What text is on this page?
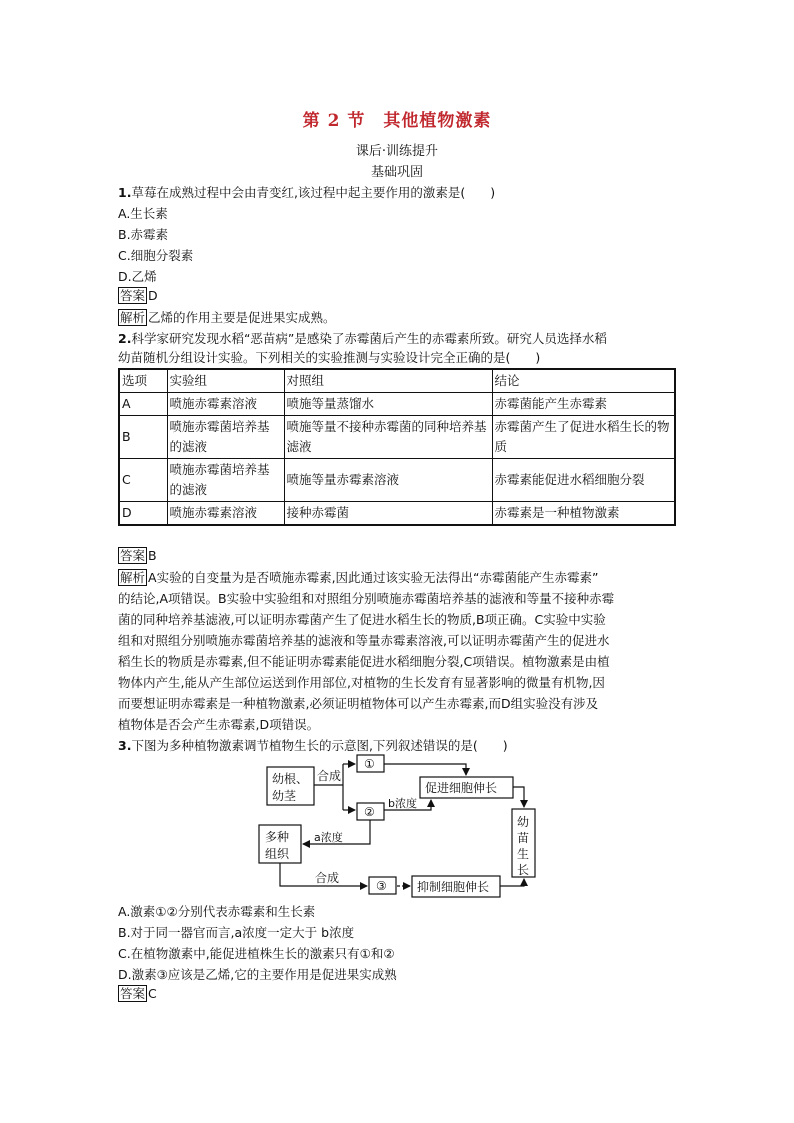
第 2 节　其他植物激素
课后·训练提升
基础巩固
1.草莓在成熟过程中会由青变红,该过程中起主要作用的激素是(　　)
A.生长素
B.赤霉素
C.细胞分裂素
D.乙烯
答案 D
解析 乙烯的作用主要是促进果实成熟。
2.科学家研究发现水稻“恶苗病”是感染了赤霉菌后产生的赤霉素所致。研究人员选择水稻
幼苗随机分组设计实验。下列相关的实验推测与实验设计完全正确的是(　　)
选项	实验组	对照组	结论
A	喷施赤霉素溶液	喷施等量蒸馏水	赤霉菌能产生赤霉素
B	喷施赤霉菌培养基的滤液	喷施等量不接种赤霉菌的同种培养基滤液	赤霉菌产生了促进水稻生长的物质
C	喷施赤霉菌培养基的滤液	喷施等量赤霉素溶液	赤霉素能促进水稻细胞分裂
D	喷施赤霉素溶液	接种赤霉菌	赤霉素是一种植物激素
答案 B
解析 A实验的自变量为是否喷施赤霉素,因此通过该实验无法得出“赤霉菌能产生赤霉素”
的结论,A项错误。B实验中实验组和对照组分别喷施赤霉菌培养基的滤液和等量不接种赤霉
菌的同种培养基滤液,可以证明赤霉菌产生了促进水稻生长的物质,B项正确。C实验中实验
组和对照组分别喷施赤霉菌培养基的滤液和等量赤霉素溶液,可以证明赤霉菌产生的促进水
稻生长的物质是赤霉素,但不能证明赤霉素能促进水稻细胞分裂,C项错误。植物激素是由植
物体内产生,能从产生部位运送到作用部位,对植物的生长发育有显著影响的微量有机物,因
而要想证明赤霉素是一种植物激素,必须证明植物体可以产生赤霉素,而D组实验没有涉及
植物体是否会产生赤霉素,D项错误。
3.下图为多种植物激素调节植物生长的示意图,下列叙述错误的是(　　)
幼根、
幼茎
合成
①
②
促进细胞伸长
b浓度
a浓度
多种
组织
合成
③	抑制细胞伸长
幼
苗
生
长
A.激素①②分别代表赤霉素和生长素
B.对于同一器官而言,a浓度一定大于 b浓度
C.在植物激素中,能促进植株生长的激素只有①和②
D.激素③应该是乙烯,它的主要作用是促进果实成熟
答案 C
